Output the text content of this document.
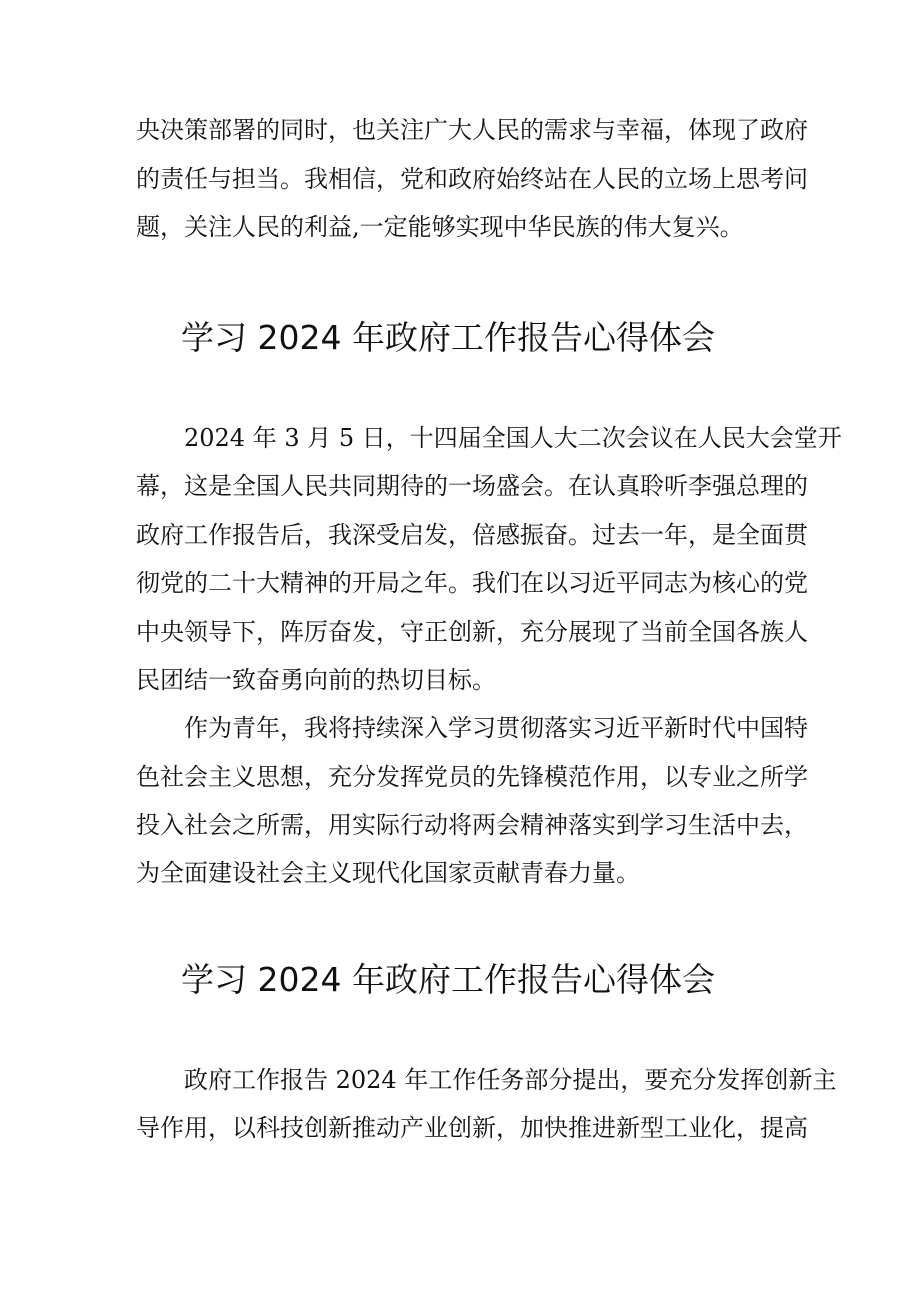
央决策部署的同时，也关注广大人民的需求与幸福，体现了政府

的责任与担当。我相信，党和政府始终站在人民的立场上思考问

题，关注人民的利益,一定能够实现中华民族的伟大复兴。

学习 2024 年政府工作报告心得体会

2024 年 3 月 5 日，十四届全国人大二次会议在人民大会堂开

幕，这是全国人民共同期待的一场盛会。在认真聆听李强总理的

政府工作报告后，我深受启发，倍感振奋。过去一年，是全面贯

彻党的二十大精神的开局之年。我们在以习近平同志为核心的党

中央领导下，阵厉奋发，守正创新，充分展现了当前全国各族人

民团结一致奋勇向前的热切目标。

作为青年，我将持续深入学习贯彻落实习近平新时代中国特

色社会主义思想，充分发挥党员的先锋模范作用，以专业之所学

投入社会之所需，用实际行动将两会精神落实到学习生活中去，

为全面建设社会主义现代化国家贡献青春力量。

学习 2024 年政府工作报告心得体会

政府工作报告 2024 年工作任务部分提出，要充分发挥创新主

导作用，以科技创新推动产业创新，加快推进新型工业化，提高
